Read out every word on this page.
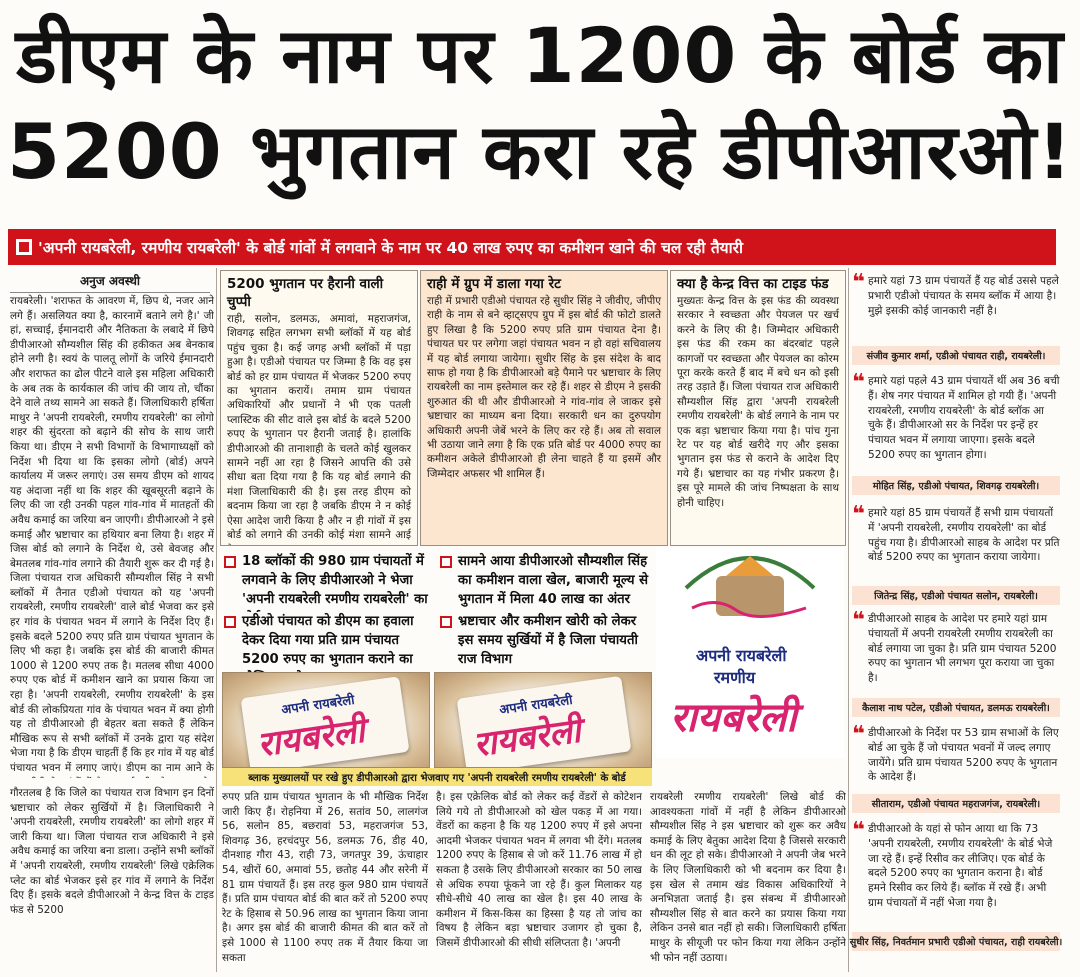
डीएम के नाम पर 1200 के बोर्ड का
5200 भुगतान करा रहे डीपीआरओ!
'अपनी रायबरेली, रमणीय रायबरेली' के बोर्ड गांवों में लगवाने के नाम पर 40 लाख रुपए का कमीशन खाने की चल रही तैयारी
अनुज अवस्थी
रायबरेली। 'शराफत के आवरण में, छिप थे, नजर आने लगे हैं। असलियत क्या है, कारनामें बताने लगे है।' जी हां, सच्चाई, ईमानदारी और नैतिकता के लबादे में छिपे डीपीआरओ सौम्यशील सिंह की हकीकत अब बेनकाब होने लगी है। स्वयं के पालतू लोगों के जरिये ईमानदारी और शराफत का ढोल पीटने वाले इस महिला अधिकारी के अब तक के कार्यकाल की जांच की जाय तो, चौंका देने वाले तथ्य सामने आ सकते हैं। जिलाधिकारी हर्षिता माथुर ने 'अपनी रायबरेली, रमणीय रायबरेली' का लोगो शहर की सुंदरता को बढ़ाने की सोच के साथ जारी किया था। डीएम ने सभी विभागों के विभागाध्यक्षों को निर्देश भी दिया था कि इसका लोगो (बोर्ड) अपने कार्यालय में जरूर लगाएं। उस समय डीएम को शायद यह अंदाजा नहीं था कि शहर की खूबसूरती बढ़ाने के लिए की जा रही उनकी पहल गांव-गांव में मातहतों की अवैध कमाई का जरिया बन जाएगी। डीपीआरओ ने इसे कमाई और भ्रष्टाचार का हथियार बना लिया है। शहर में जिस बोर्ड को लगाने के निर्देश थे, उसे बेवजह और बेमतलब गांव-गांव लगाने की तैयारी शुरू कर दी गई है। जिला पंचायत राज अधिकारी सौम्यशील सिंह ने सभी ब्लॉकों में तैनात एडीओ पंचायत को यह 'अपनी रायबरेली, रमणीय रायबरेली' वाले बोर्ड भेजवा कर इसे हर गांव के पंचायत भवन में लगाने के निर्देश दिए हैं। इसके बदले 5200 रुपए प्रति ग्राम पंचायत भुगतान के लिए भी कहा है। जबकि इस बोर्ड की बाजारी कीमत 1000 से 1200 रुपए तक है। मतलब सीधा 4000 रुपए एक बोर्ड में कमीशन खाने का प्रयास किया जा रहा है। 'अपनी रायबरेली, रमणीय रायबरेली' के इस बोर्ड की लोकप्रियता गांव के पंचायत भवन में क्या होगी यह तो डीपीआरओ ही बेहतर बता सकते हैं लेकिन मौखिक रूप से सभी ब्लॉकों में उनके द्वारा यह संदेश भेजा गया है कि डीएम चाहतीं हैं कि हर गांव में यह बोर्ड पंचायत भवन में लगाए जाएं। डीएम का नाम आने के
गौरतलब है कि जिले का पंचायत राज विभाग इन दिनों भ्रष्टाचार को लेकर सुर्खियों में है। जिलाधिकारी ने 'अपनी रायबरेली, रमणीय रायबरेली' का लोगो शहर में जारी किया था। जिला पंचायत राज अधिकारी ने इसे अवैध कमाई का जरिया बना डाला। उन्होंने सभी ब्लॉकों में 'अपनी रायबरेली, रमणीय रायबरेली' लिखे एक्रेलिक प्लेट का बोर्ड भेजकर इसे हर गांव में लगाने के निर्देश दिए हैं। इसके बदले डीपीआरओ ने केन्द्र वित्त के टाइड फंड से 5200
5200 भुगतान पर हैरानी वाली चुप्पी
राही, सलोन, डलमऊ, अमावां, महराजगंज, शिवगढ़ सहित लगभग सभी ब्लॉकों में यह बोर्ड पहुंच चुका है। कई जगह अभी ब्लॉकों में पड़ा हुआ है। एडीओ पंचायत पर जिम्मा है कि वह इस बोर्ड को हर ग्राम पंचायत में भेजकर 5200 रुपए का भुगतान करायें। तमाम ग्राम पंचायत अधिकारियों और प्रधानों ने भी एक पतली प्लास्टिक की सीट वाले इस बोर्ड के बदले 5200 रुपए के भुगतान पर हैरानी जताई है। हालांकि डीपीआरओ की तानाशाही के चलते कोई खुलकर सामने नहीं आ रहा है जिसने आपत्ति की उसे सीधा बता दिया गया है कि यह बोर्ड लगाने की मंशा जिलाधिकारी की है। इस तरह डीएम को बदनाम किया जा रहा है जबकि डीएम ने न कोई ऐसा आदेश जारी किया है और न ही गांवों में इस बोर्ड को लगाने की उनकी कोई मंशा सामने आई
राही में ग्रुप में डाला गया रेट
राही में प्रभारी एडीओ पंचायत रहे सुधीर सिंह ने जीवीए, जीपीए राही के नाम से बने व्हाट्सएप ग्रुप में इस बोर्ड की फोटो डालते हुए लिखा है कि 5200 रुपए प्रति ग्राम पंचायत देना है। पंचायत घर पर लगेगा जहां पंचायत भवन न हो वहां सचिवालय में यह बोर्ड लगाया जायेगा। सुधीर सिंह के इस संदेश के बाद साफ हो गया है कि डीपीआरओ बड़े पैमाने पर भ्रष्टाचार के लिए रायबरेली का नाम इस्तेमाल कर रहे हैं। शहर से डीएम ने इसकी शुरुआत की थी और डीपीआरओ ने गांव-गांव ले जाकर इसे भ्रष्टाचार का माध्यम बना दिया। सरकारी धन का दुरुपयोग अधिकारी अपनी जेबें भरने के लिए कर रहे हैं। अब तो सवाल भी उठाया जाने लगा है कि एक प्रति बोर्ड पर 4000 रुपए का कमीशन अकेले डीपीआरओ ही लेना चाहते हैं या इसमें और जिम्मेदार अफसर भी शामिल हैं।
क्या है केन्द्र वित्त का टाइड फंड
मुख्यतः केन्द्र वित्त के इस फंड की व्यवस्था सरकार ने स्वच्छता और पेयजल पर खर्च करने के लिए की है। जिम्मेदार अधिकारी इस फंड की रकम का बंदरबांट पहले कागजों पर स्वच्छता और पेयजल का कोरम पूरा करके करते हैं बाद में बचे धन को इसी तरह उड़ाते हैं। जिला पंचायत राज अधिकारी सौम्यशील सिंह द्वारा 'अपनी रायबरेली रमणीय रायबरेली' के बोर्ड लगाने के नाम पर एक बड़ा भ्रष्टाचार किया गया है। पांच गुना रेट पर यह बोर्ड खरीदे गए और इसका भुगतान इस फंड से कराने के आदेश दिए गये हैं। भ्रष्टाचार का यह गंभीर प्रकरण है। इस पूरे मामले की जांच निष्पक्षता के साथ होनी चाहिए।
18 ब्लॉकों की 980 ग्राम पंचायतों में लगवाने के लिए डीपीआरओ ने भेजा 'अपनी रायबरेली रमणीय रायबरेली' का
एडीओ पंचायत को डीएम का हवाला देकर दिया गया प्रति ग्राम पंचायत 5200 रुपए का भुगतान कराने का
सामने आया डीपीआरओ सौम्यशील सिंह का कमीशन वाला खेल, बाजारी मूल्य से भुगतान में मिला 40 लाख का अंतर
भ्रष्टाचार और कमीशन खोरी को लेकर इस समय सुर्खियों में है जिला पंचायती राज विभाग	अपनी रायबरेली
रमणीय
रायबरेली
अपनी रायबरेली
रायबरेली
अपनी रायबरेली
रायबरेली
ब्लाक मुख्यालयों पर रखे हुए डीपीआरओ द्वारा भेजवाए गए 'अपनी रायबरेली रमणीय रायबरेली' के बोर्ड
रुपए प्रति ग्राम पंचायत भुगतान के भी मौखिक निर्देश जारी किए हैं। रोहनिया में 26, सतांव 50, लालगंज 56, सलोन 85, बछरावां 53, महराजगंज 53, शिवगढ़ 36, हरचंदपुर 56, डलमऊ 76, डीह 40, दीनशाह गौरा 43, राही 73, जगतपुर 39, ऊंचाहार 54, खीरों 60, अमावां 55, छतोह 44 और सरेनी में 81 ग्राम पंचायतें हैं। इस तरह कुल 980 ग्राम पंचायतें हैं। प्रति ग्राम पंचायत बोर्ड की बात करें तो 5200 रुपए रेट के हिसाब से 50.96 लाख का भुगतान किया जाना है। अगर इस बोर्ड की बाजारी कीमत की बात करें तो इसे 1000 से 1100 रुपए तक में तैयार किया जा सकता
है। इस एक्रेलिक बोर्ड को लेकर कई वेंडरों से कोटेशन लिये गये तो डीपीआरओ को खेल पकड़ में आ गया। वेंडरों का कहना है कि यह 1200 रुपए में इसे अपना आदमी भेजकर पंचायत भवन में लगवा भी देंगे। मतलब 1200 रुपए के हिसाब से जो करें 11.76 लाख में हो सकता है उसके लिए डीपीआरओ सरकार का 50 लाख से अधिक रुपया फूंकने जा रहे हैं। कुल मिलाकर यह सीधे-सीधे 40 लाख का खेल है। इस 40 लाख के कमीशन में किस-किस का हिस्सा है यह तो जांच का विषय है लेकिन बड़ा भ्रष्टाचार उजागर हो चुका है, जिसमें डीपीआरओ की सीधी संलिप्तता है। 'अपनी
रायबरेली रमणीय रायबरेली' लिखे बोर्ड की आवश्यकता गांवों में नहीं है लेकिन डीपीआरओ सौम्यशील सिंह ने इस भ्रष्टाचार को शुरू कर अवैध कमाई के लिए बेतुका आदेश दिया है जिससे सरकारी धन की लूट हो सके। डीपीआरओ ने अपनी जेब भरने के लिए जिलाधिकारी को भी बदनाम कर दिया है। इस खेल से तमाम खंड विकास अधिकारियों ने अनभिज्ञता जताई है। इस संबन्ध में डीपीआरओ सौम्यशील सिंह से बात करने का प्रयास किया गया लेकिन उनसे बात नहीं हो सकी। जिलाधिकारी हर्षिता माथुर के सीयूजी पर फोन किया गया लेकिन उन्होंने भी फोन नहीं उठाया।
❝ हमारे यहां 73 ग्राम पंचायतें हैं यह बोर्ड उससे पहले प्रभारी एडीओ पंचायत के समय ब्लॉक में आया है। मुझे इसकी कोई जानकारी नहीं है।
संजीव कुमार शर्मा, एडीओ पंचायत राही, रायबरेली।
❝ हमारे यहां पहले 43 ग्राम पंचायतें थीं अब 36 बची हैं। शेष नगर पंचायत में शामिल हो गयी हैं। 'अपनी रायबरेली, रमणीय रायबरेली' के बोर्ड ब्लॉक आ चुके हैं। डीपीआरओ सर के निर्देश पर इन्हें हर पंचायत भवन में लगाया जाएगा। इसके बदले 5200 रुपए का भुगतान होगा।
मोहित सिंह, एडीओ पंचायत, शिवगढ़ रायबरेली।
❝ हमारे यहां 85 ग्राम पंचायतें हैं सभी ग्राम पंचायतों में 'अपनी रायबरेली, रमणीय रायबरेली' का बोर्ड पहुंच गया है। डीपीआरओ साहब के आदेश पर प्रति बोर्ड 5200 रुपए का भुगतान कराया जायेगा।
जितेन्द्र सिंह, एडीओ पंचायत सलोन, रायबरेली।
❝ डीपीआरओ साहब के आदेश पर हमारे यहां ग्राम पंचायतों में अपनी रायबरेली रमणीय रायबरेली का बोर्ड लगाया जा चुका है। प्रति ग्राम पंचायत 5200 रुपए का भुगतान भी लगभग पूरा कराया जा चुका है।
कैलाश नाथ पटेल, एडीओ पंचायत, डलमऊ रायबरेली।
❝ डीपीआरओ के निर्देश पर 53 ग्राम सभाओं के लिए बोर्ड आ चुके हैं जो पंचायत भवनों में जल्द लगाए जायेंगे। प्रति ग्राम पंचायत 5200 रुपए के भुगतान के आदेश हैं।
सीताराम, एडीओ पंचायत महराजगंज, रायबरेली।
❝ डीपीआरओ के यहां से फोन आया था कि 73 'अपनी रायबरेली, रमणीय रायबरेली' के बोर्ड भेजे जा रहे हैं। इन्हें रिसीव कर लीजिए। एक बोर्ड के बदले 5200 रुपए का भुगतान कराना है। बोर्ड हमने रिसीव कर लिये हैं। ब्लॉक में रखे हैं। अभी ग्राम पंचायतों में नहीं भेजा गया है।
सुधीर सिंह, निवर्तमान प्रभारी एडीओ पंचायत, राही रायबरेली।
